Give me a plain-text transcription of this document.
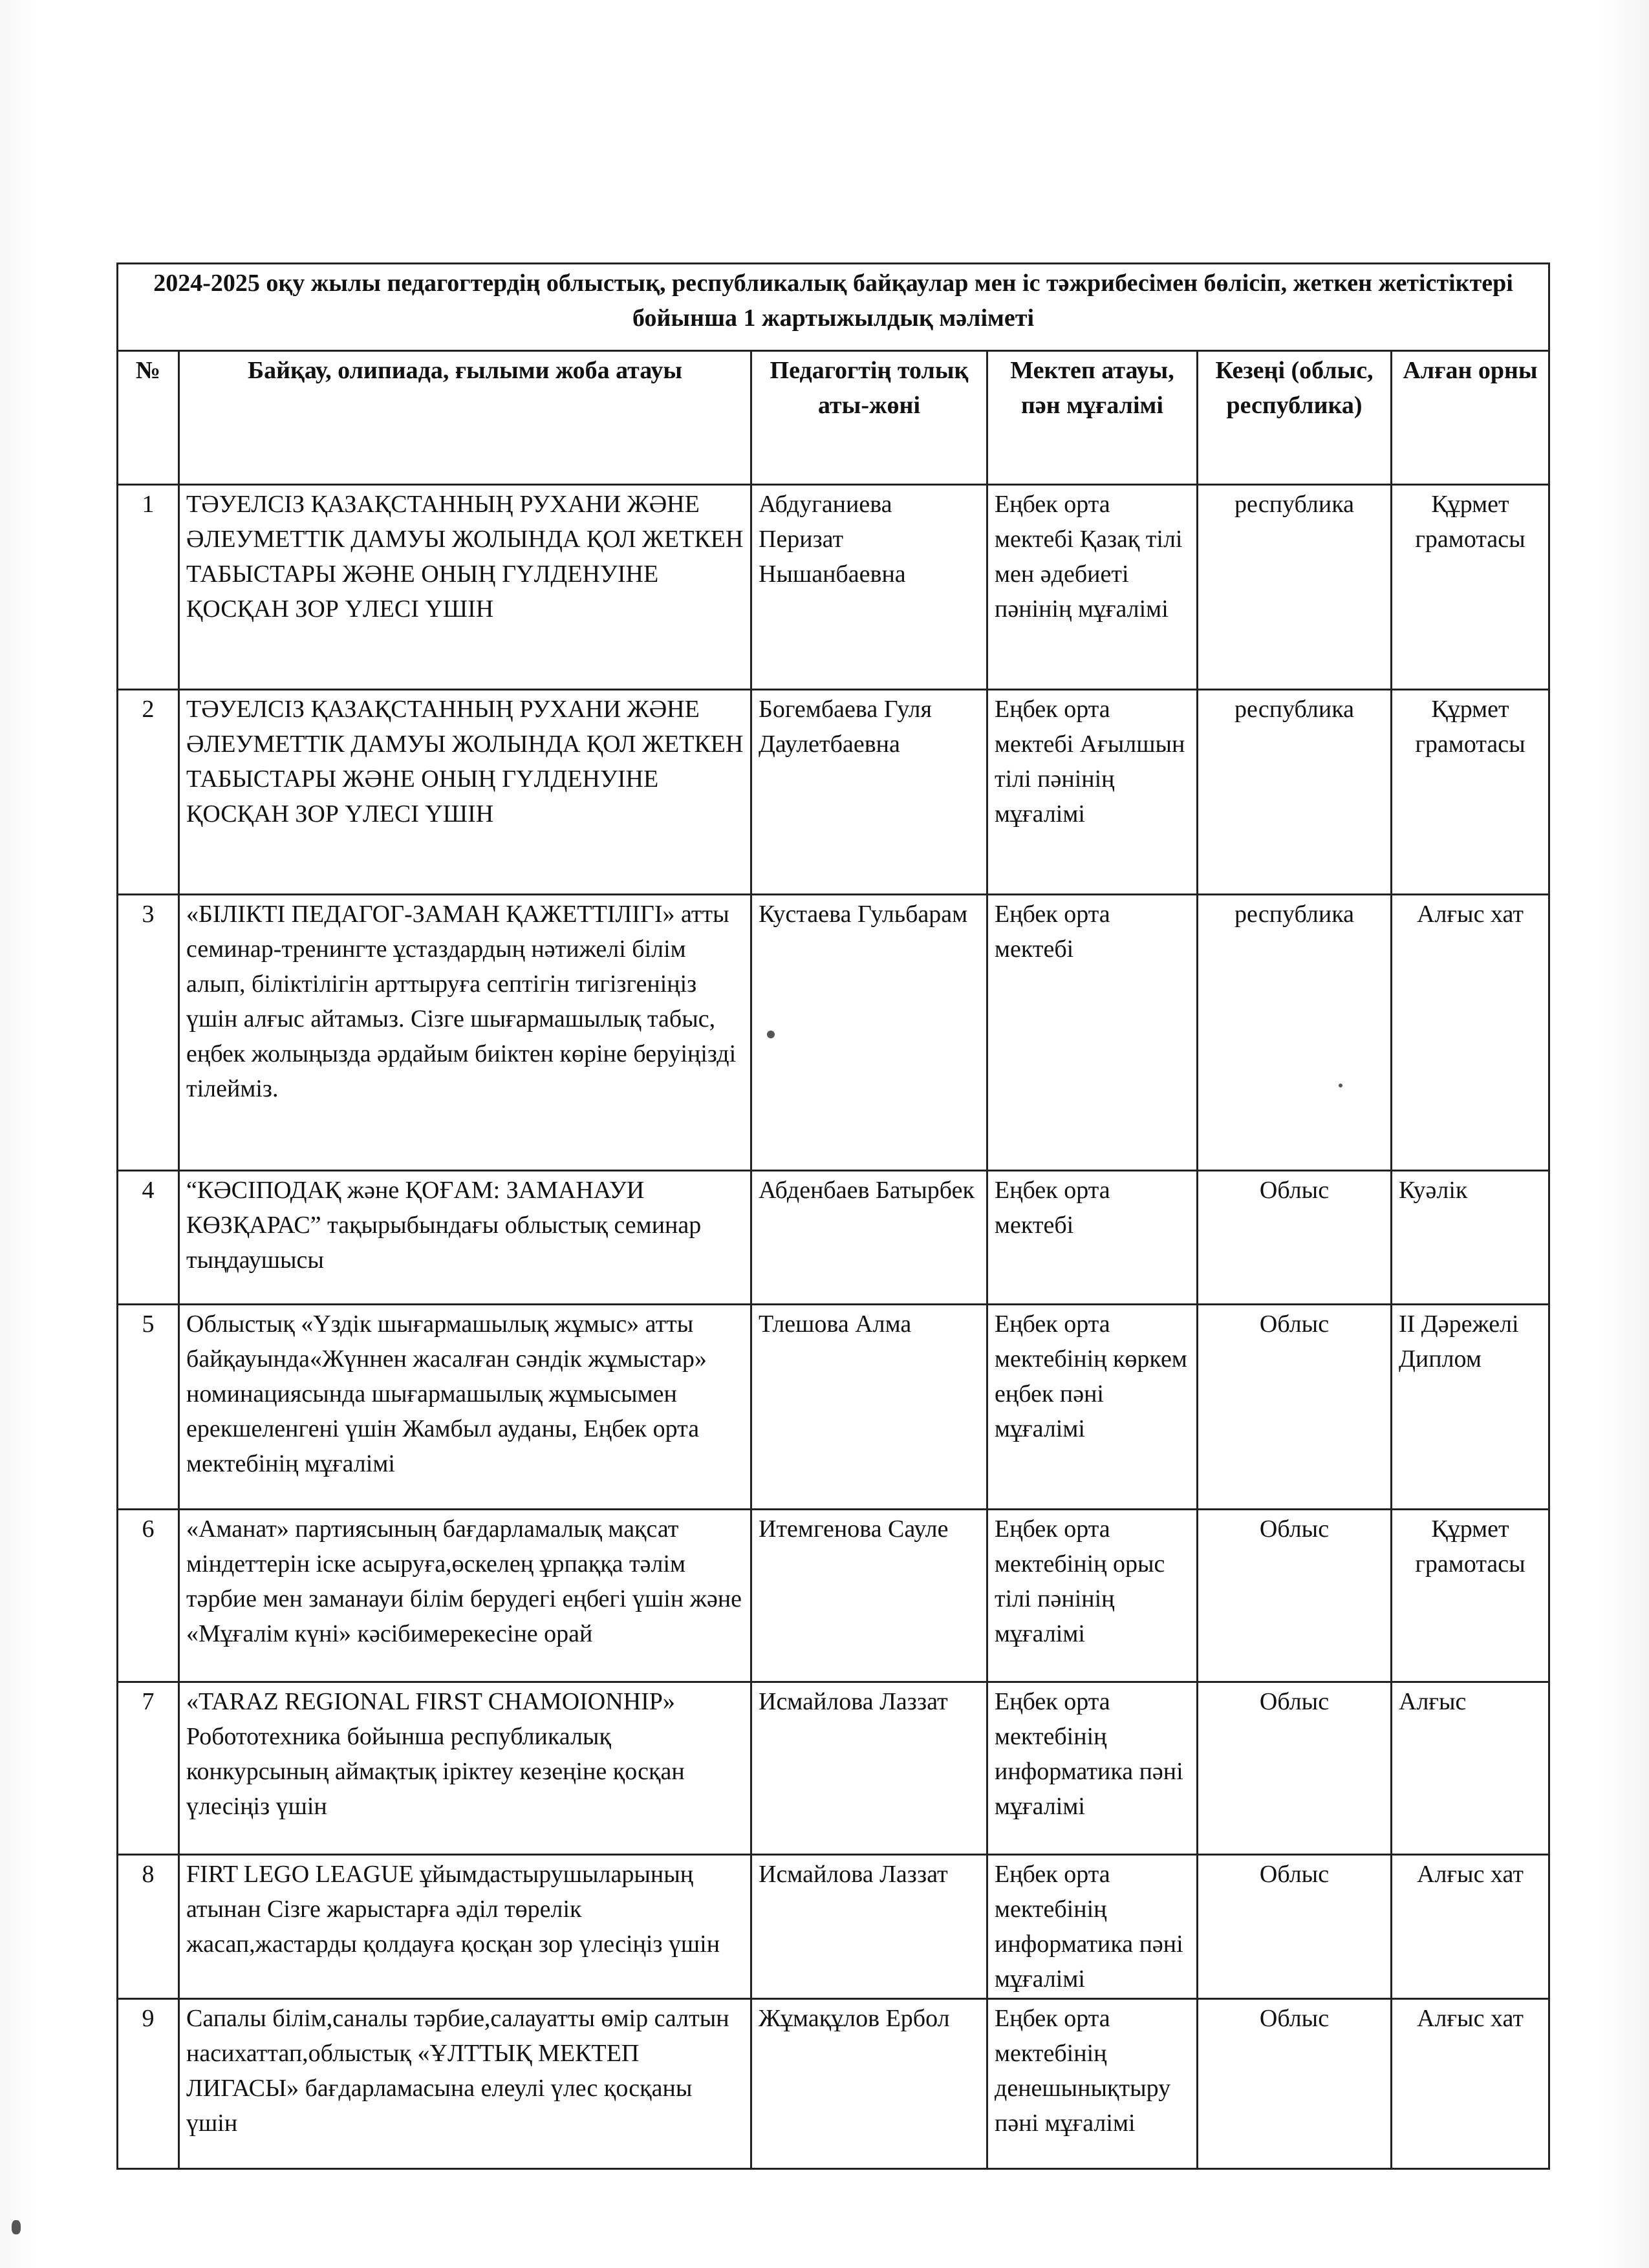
2024-2025 оқу жылы педагогтердің облыстық, республикалық байқаулар мен іс тәжрибесімен бөлісіп, жеткен жетістіктері бойынша 1 жартыжылдық мәліметі					
№	Байқау, олипиада, ғылыми жоба атауы	Педагогтің толық аты-жөні	Мектеп атауы, пән мұғалімі	Кезеңі (облыс, республика)	Алған орны
1	ТӘУЕЛСІЗ ҚАЗАҚСТАННЫҢ РУХАНИ ЖӘНЕ ӘЛЕУМЕТТІК ДАМУЫ ЖОЛЫНДА ҚОЛ ЖЕТКЕН ТАБЫСТАРЫ ЖӘНЕ ОНЫҢ ГҮЛДЕНУІНЕ ҚОСҚАН ЗОР ҮЛЕСІ ҮШІН	Абдуганиева Перизат Нышанбаевна	Еңбек орта мектебі Қазақ тілі мен әдебиеті пәнінің мұғалімі	республика	Құрмет грамотасы
2	ТӘУЕЛСІЗ ҚАЗАҚСТАННЫҢ РУХАНИ ЖӘНЕ ӘЛЕУМЕТТІК ДАМУЫ ЖОЛЫНДА ҚОЛ ЖЕТКЕН ТАБЫСТАРЫ ЖӘНЕ ОНЫҢ ГҮЛДЕНУІНЕ ҚОСҚАН ЗОР ҮЛЕСІ ҮШІН	Богембаева Гуля Даулетбаевна	Еңбек орта мектебі Ағылшын тілі пәнінің мұғалімі	республика	Құрмет грамотасы
3	«БІЛІКТІ ПЕДАГОГ-ЗАМАН ҚАЖЕТТІЛІГІ» атты семинар-тренингте ұстаздардың нәтижелі білім алып, біліктілігін арттыруға септігін тигізгеніңіз үшін алғыс айтамыз. Сізге шығармашылық табыс, еңбек жолыңызда әрдайым биіктен көріне беруіңізді тілейміз.	Кустаева Гульбарам	Еңбек орта мектебі	республика	Алғыс хат
4	“КӘСІПОДАҚ және ҚОҒАМ: ЗАМАНАУИ КӨЗҚАРАС” тақырыбындағы облыстық семинар тыңдаушысы	Абденбаев Батырбек	Еңбек орта мектебі	Облыс	Куәлік
5	Облыстық «Үздік шығармашылық жұмыс» атты байқауында«Жүннен жасалған сәндік жұмыстар» номинациясында шығармашылық жұмысымен ерекшеленгені үшін Жамбыл ауданы, Еңбек орта мектебінің мұғалімі	Тлешова Алма	Еңбек орта мектебінің көркем еңбек пәні мұғалімі	Облыс	II Дәрежелі Диплом
6	«Аманат» партиясының бағдарламалық мақсат міндеттерін іске асыруға,өскелең ұрпаққа тәлім тәрбие мен заманауи білім берудегі еңбегі үшін және «Мұғалім күні» кәсібимерекесіне орай	Итемгенова Сауле	Еңбек орта мектебінің орыс тілі пәнінің мұғалімі	Облыс	Құрмет грамотасы
7	«TARAZ REGIONAL FIRST CHAMOIONHIP» Робототехника бойынша республикалық конкурсының аймақтық іріктеу кезеңіне қосқан үлесіңіз үшін	Исмайлова Лаззат	Еңбек орта мектебінің информатика пәні мұғалімі	Облыс	Алғыс
8	FIRT LEGO LEAGUE ұйымдастырушыларының атынан Сізге жарыстарға әділ төрелік жасап,жастарды қолдауға қосқан зор үлесіңіз үшін	Исмайлова Лаззат	Еңбек орта мектебінің информатика пәні мұғалімі	Облыс	Алғыс хат
9	Сапалы білім,саналы тәрбие,салауатты өмір салтын насихаттап,облыстық «ҰЛТТЫҚ МЕКТЕП ЛИГАСЫ» бағдарламасына елеулі үлес қосқаны үшін	Жұмақұлов Ербол	Еңбек орта мектебінің денешынықтыру пәні мұғалімі	Облыс	Алғыс хат
